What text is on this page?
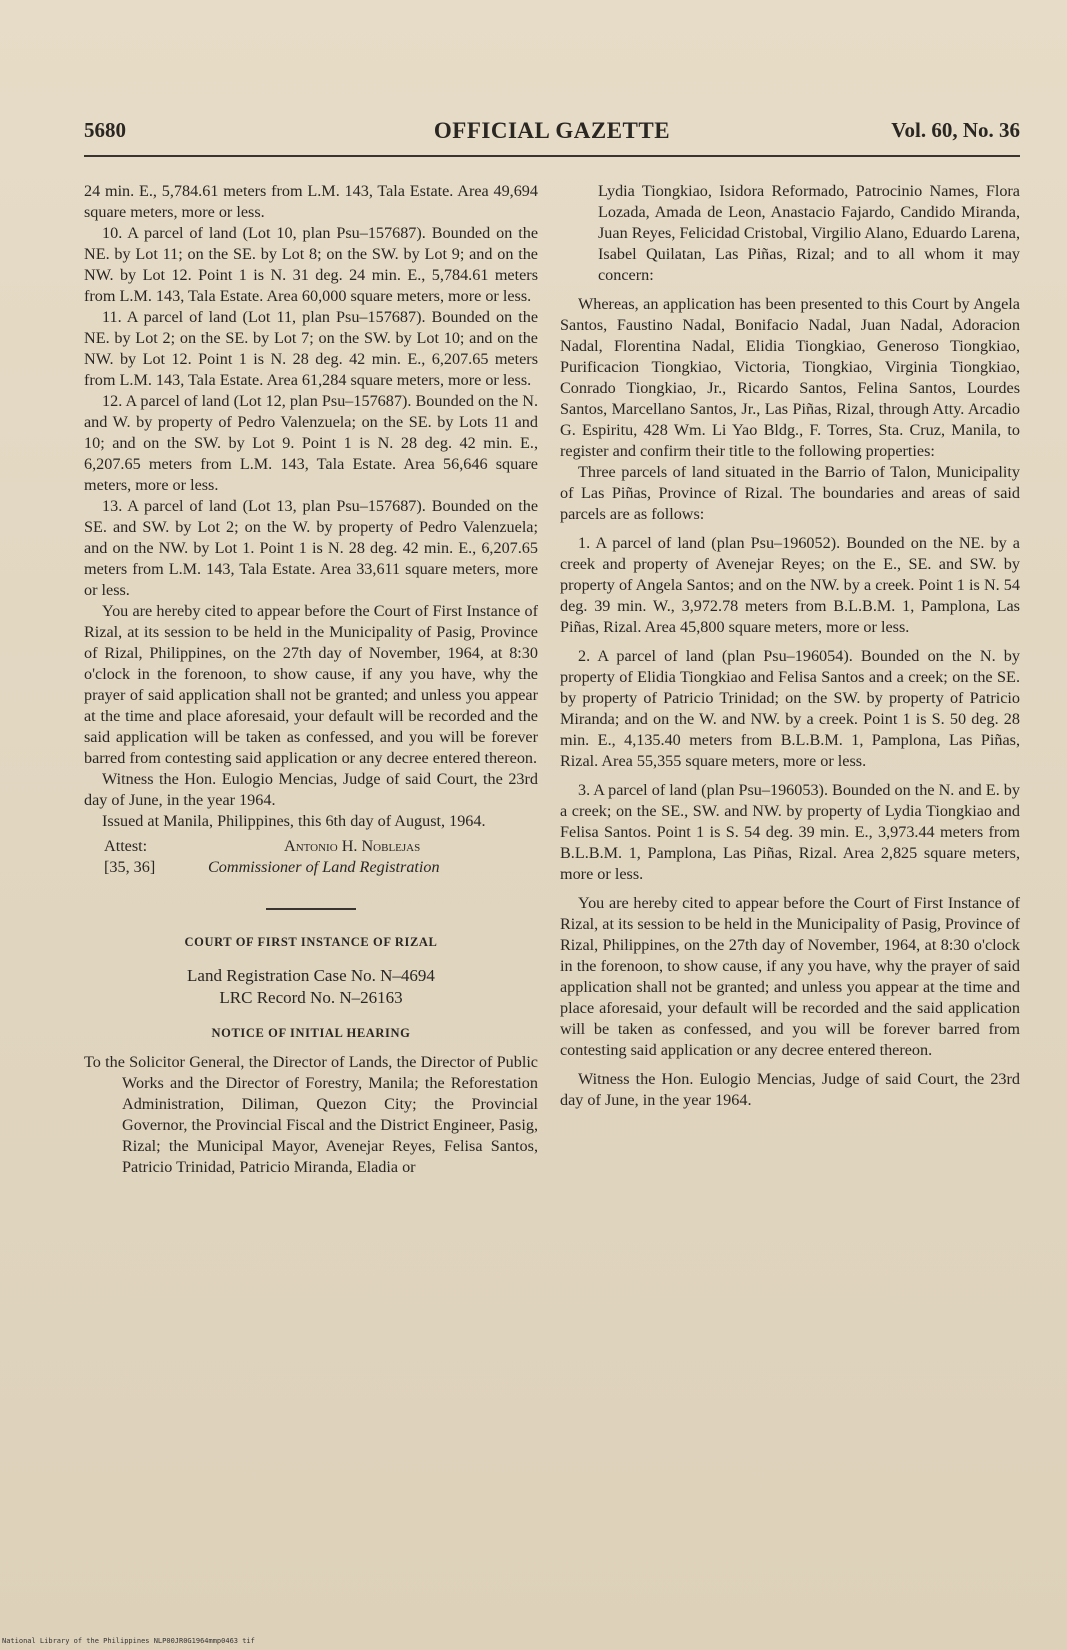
5680	OFFICIAL GAZETTE	Vol. 60, No. 36

24 min. E., 5,784.61 meters from L.M. 143, Tala Estate. Area 49,694 square meters, more or less.

10. A parcel of land (Lot 10, plan Psu–157687). Bounded on the NE. by Lot 11; on the SE. by Lot 8; on the SW. by Lot 9; and on the NW. by Lot 12. Point 1 is N. 31 deg. 24 min. E., 5,784.61 meters from L.M. 143, Tala Estate. Area 60,000 square meters, more or less.

11. A parcel of land (Lot 11, plan Psu–157687). Bounded on the NE. by Lot 2; on the SE. by Lot 7; on the SW. by Lot 10; and on the NW. by Lot 12. Point 1 is N. 28 deg. 42 min. E., 6,207.65 meters from L.M. 143, Tala Estate. Area 61,284 square meters, more or less.

12. A parcel of land (Lot 12, plan Psu–157687). Bounded on the N. and W. by property of Pedro Valenzuela; on the SE. by Lots 11 and 10; and on the SW. by Lot 9. Point 1 is N. 28 deg. 42 min. E., 6,207.65 meters from L.M. 143, Tala Estate. Area 56,646 square meters, more or less.

13. A parcel of land (Lot 13, plan Psu–157687). Bounded on the SE. and SW. by Lot 2; on the W. by property of Pedro Valenzuela; and on the NW. by Lot 1. Point 1 is N. 28 deg. 42 min. E., 6,207.65 meters from L.M. 143, Tala Estate. Area 33,611 square meters, more or less.

You are hereby cited to appear before the Court of First Instance of Rizal, at its session to be held in the Municipality of Pasig, Province of Rizal, Philippines, on the 27th day of November, 1964, at 8:30 o'clock in the forenoon, to show cause, if any you have, why the prayer of said application shall not be granted; and unless you appear at the time and place aforesaid, your default will be recorded and the said application will be taken as confessed, and you will be forever barred from contesting said application or any decree entered thereon.

Witness the Hon. Eulogio Mencias, Judge of said Court, the 23rd day of June, in the year 1964.

Issued at Manila, Philippines, this 6th day of August, 1964.

Attest:
[35, 36]
Antonio H. Noblejas
Commissioner of Land Registration

COURT OF FIRST INSTANCE OF RIZAL

Land Registration Case No. N–4694

LRC Record No. N–26163

NOTICE OF INITIAL HEARING

To the Solicitor General, the Director of Lands, the Director of Public Works and the Director of Forestry, Manila; the Reforestation Administration, Diliman, Quezon City; the Provincial Governor, the Provincial Fiscal and the District Engineer, Pasig, Rizal; the Municipal Mayor, Avenejar Reyes, Felisa Santos, Patricio Trinidad, Patricio Miranda, Eladia or

Lydia Tiongkiao, Isidora Reformado, Patrocinio Names, Flora Lozada, Amada de Leon, Anastacio Fajardo, Candido Miranda, Juan Reyes, Felicidad Cristobal, Virgilio Alano, Eduardo Larena, Isabel Quilatan, Las Piñas, Rizal; and to all whom it may concern:

Whereas, an application has been presented to this Court by Angela Santos, Faustino Nadal, Bonifacio Nadal, Juan Nadal, Adoracion Nadal, Florentina Nadal, Elidia Tiongkiao, Generoso Tiongkiao, Purificacion Tiongkiao, Victoria, Tiongkiao, Virginia Tiongkiao, Conrado Tiongkiao, Jr., Ricardo Santos, Felina Santos, Lourdes Santos, Marcellano Santos, Jr., Las Piñas, Rizal, through Atty. Arcadio G. Espiritu, 428 Wm. Li Yao Bldg., F. Torres, Sta. Cruz, Manila, to register and confirm their title to the following properties:

Three parcels of land situated in the Barrio of Talon, Municipality of Las Piñas, Province of Rizal. The boundaries and areas of said parcels are as follows:

1. A parcel of land (plan Psu–196052). Bounded on the NE. by a creek and property of Avenejar Reyes; on the E., SE. and SW. by property of Angela Santos; and on the NW. by a creek. Point 1 is N. 54 deg. 39 min. W., 3,972.78 meters from B.L.B.M. 1, Pamplona, Las Piñas, Rizal. Area 45,800 square meters, more or less.

2. A parcel of land (plan Psu–196054). Bounded on the N. by property of Elidia Tiongkiao and Felisa Santos and a creek; on the SE. by property of Patricio Trinidad; on the SW. by property of Patricio Miranda; and on the W. and NW. by a creek. Point 1 is S. 50 deg. 28 min. E., 4,135.40 meters from B.L.B.M. 1, Pamplona, Las Piñas, Rizal. Area 55,355 square meters, more or less.

3. A parcel of land (plan Psu–196053). Bounded on the N. and E. by a creek; on the SE., SW. and NW. by property of Lydia Tiongkiao and Felisa Santos. Point 1 is S. 54 deg. 39 min. E., 3,973.44 meters from B.L.B.M. 1, Pamplona, Las Piñas, Rizal. Area 2,825 square meters, more or less.

You are hereby cited to appear before the Court of First Instance of Rizal, at its session to be held in the Municipality of Pasig, Province of Rizal, Philippines, on the 27th day of November, 1964, at 8:30 o'clock in the forenoon, to show cause, if any you have, why the prayer of said application shall not be granted; and unless you appear at the time and place aforesaid, your default will be recorded and the said application will be taken as confessed, and you will be forever barred from contesting said application or any decree entered thereon.

Witness the Hon. Eulogio Mencias, Judge of said Court, the 23rd day of June, in the year 1964.

National Library of the Philippines NLP00JR0G1964mmp0463 tif
